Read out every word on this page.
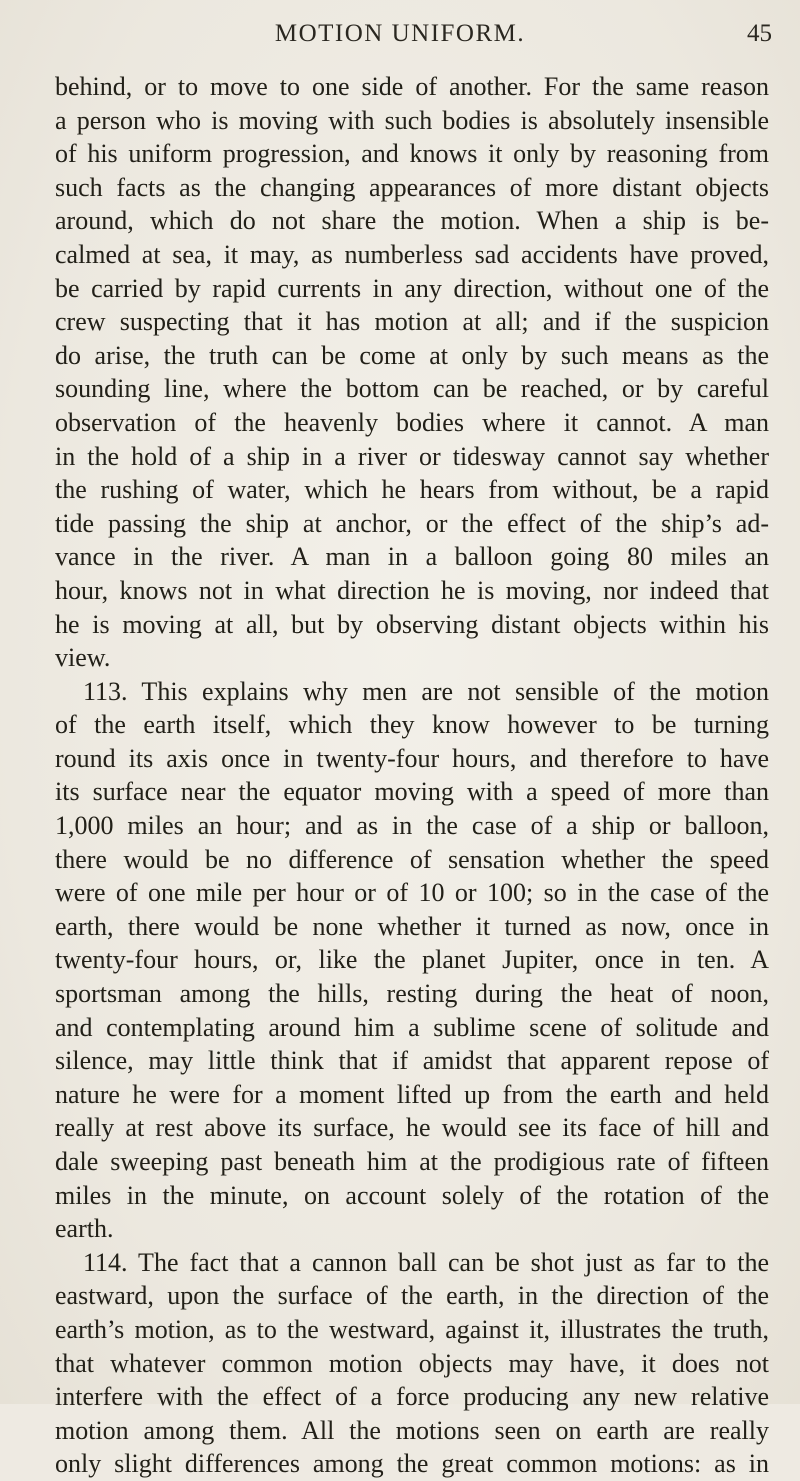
MOTION UNIFORM.	45
behind, or to move to one side of another. For the same reason
a person who is moving with such bodies is absolutely insensible
of his uniform progression, and knows it only by reasoning from
such facts as the changing appearances of more distant objects
around, which do not share the motion. When a ship is be-
calmed at sea, it may, as numberless sad accidents have proved,
be carried by rapid currents in any direction, without one of the
crew suspecting that it has motion at all; and if the suspicion
do arise, the truth can be come at only by such means as the
sounding line, where the bottom can be reached, or by careful
observation of the heavenly bodies where it cannot. A man
in the hold of a ship in a river or tidesway cannot say whether
the rushing of water, which he hears from without, be a rapid
tide passing the ship at anchor, or the effect of the ship’s ad-
vance in the river. A man in a balloon going 80 miles an
hour, knows not in what direction he is moving, nor indeed that
he is moving at all, but by observing distant objects within his
view.
113. This explains why men are not sensible of the motion
of the earth itself, which they know however to be turning
round its axis once in twenty-four hours, and therefore to have
its surface near the equator moving with a speed of more than
1,000 miles an hour; and as in the case of a ship or balloon,
there would be no difference of sensation whether the speed
were of one mile per hour or of 10 or 100; so in the case of the
earth, there would be none whether it turned as now, once in
twenty-four hours, or, like the planet Jupiter, once in ten. A
sportsman among the hills, resting during the heat of noon,
and contemplating around him a sublime scene of solitude and
silence, may little think that if amidst that apparent repose of
nature he were for a moment lifted up from the earth and held
really at rest above its surface, he would see its face of hill and
dale sweeping past beneath him at the prodigious rate of fifteen
miles in the minute, on account solely of the rotation of the
earth.
114. The fact that a cannon ball can be shot just as far to the
eastward, upon the surface of the earth, in the direction of the
earth’s motion, as to the westward, against it, illustrates the truth,
that whatever common motion objects may have, it does not
interfere with the effect of a force producing any new relative
motion among them. All the motions seen on earth are really
only slight differences among the great common motions: as in
